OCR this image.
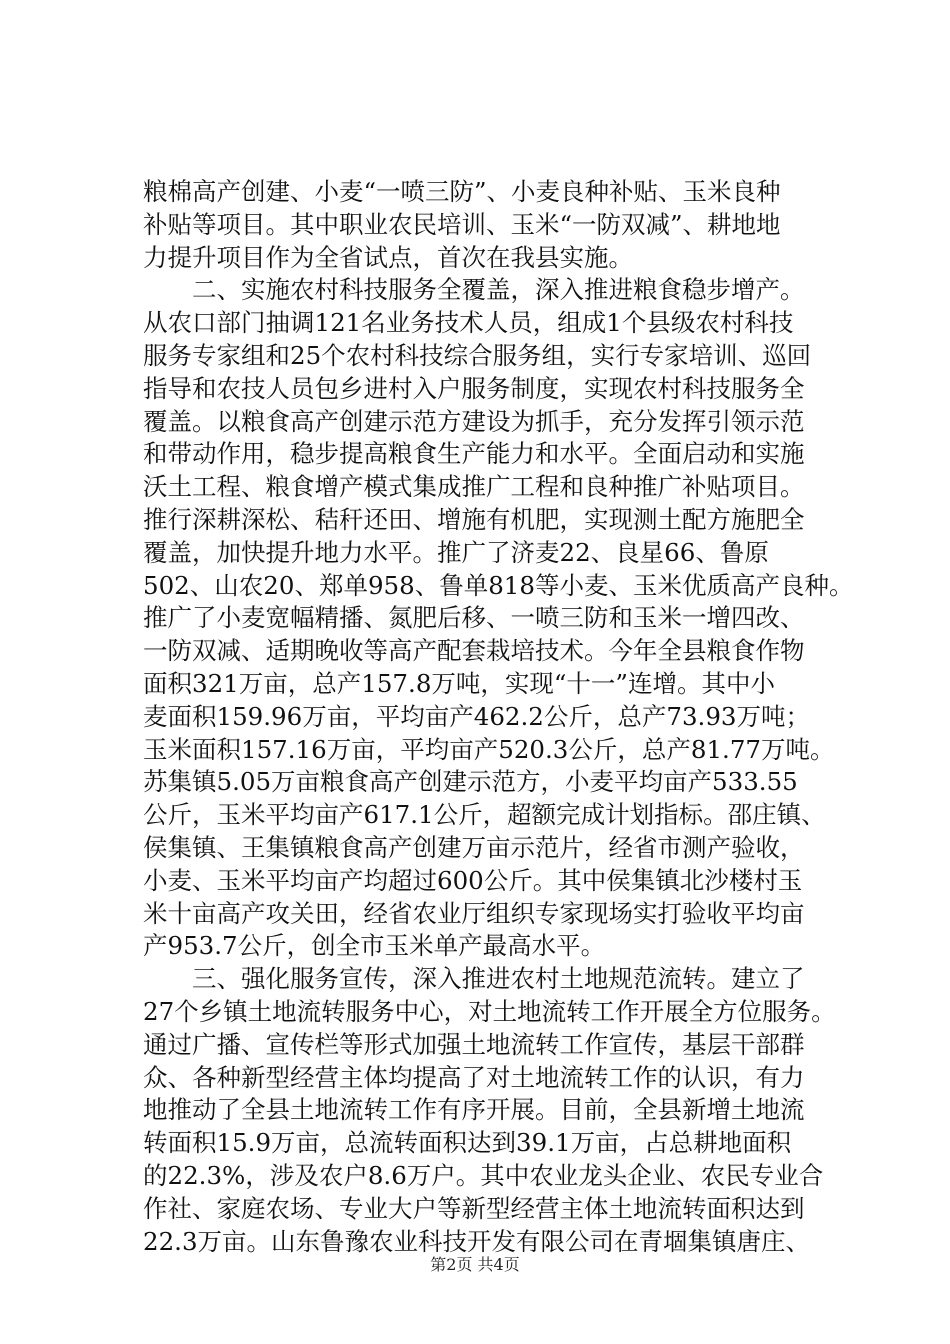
粮棉高产创建、小麦“一喷三防”、小麦良种补贴、玉米良种
补贴等项目。其中职业农民培训、玉米“一防双减”、耕地地
力提升项目作为全省试点，首次在我县实施。
二、实施农村科技服务全覆盖，深入推进粮食稳步增产。
从农口部门抽调121名业务技术人员，组成1个县级农村科技
服务专家组和25个农村科技综合服务组，实行专家培训、巡回
指导和农技人员包乡进村入户服务制度，实现农村科技服务全
覆盖。以粮食高产创建示范方建设为抓手，充分发挥引领示范
和带动作用，稳步提高粮食生产能力和水平。全面启动和实施
沃土工程、粮食增产模式集成推广工程和良种推广补贴项目。
推行深耕深松、秸秆还田、增施有机肥，实现测土配方施肥全
覆盖，加快提升地力水平。推广了济麦22、良星66、鲁原
502、山农20、郑单958、鲁单818等小麦、玉米优质高产良种。
推广了小麦宽幅精播、氮肥后移、一喷三防和玉米一增四改、
一防双减、适期晚收等高产配套栽培技术。今年全县粮食作物
面积321万亩，总产157.8万吨，实现“十一”连增。其中小
麦面积159.96万亩，平均亩产462.2公斤，总产73.93万吨；
玉米面积157.16万亩，平均亩产520.3公斤，总产81.77万吨。
苏集镇5.05万亩粮食高产创建示范方，小麦平均亩产533.55
公斤，玉米平均亩产617.1公斤，超额完成计划指标。邵庄镇、
侯集镇、王集镇粮食高产创建万亩示范片，经省市测产验收，
小麦、玉米平均亩产均超过600公斤。其中侯集镇北沙楼村玉
米十亩高产攻关田，经省农业厅组织专家现场实打验收平均亩
产953.7公斤，创全市玉米单产最高水平。
三、强化服务宣传，深入推进农村土地规范流转。建立了
27个乡镇土地流转服务中心，对土地流转工作开展全方位服务。
通过广播、宣传栏等形式加强土地流转工作宣传，基层干部群
众、各种新型经营主体均提高了对土地流转工作的认识，有力
地推动了全县土地流转工作有序开展。目前，全县新增土地流
转面积15.9万亩，总流转面积达到39.1万亩，占总耕地面积
的22.3%，涉及农户8.6万户。其中农业龙头企业、农民专业合
作社、家庭农场、专业大户等新型经营主体土地流转面积达到
22.3万亩。山东鲁豫农业科技开发有限公司在青堌集镇唐庄、
第2页 共4页
